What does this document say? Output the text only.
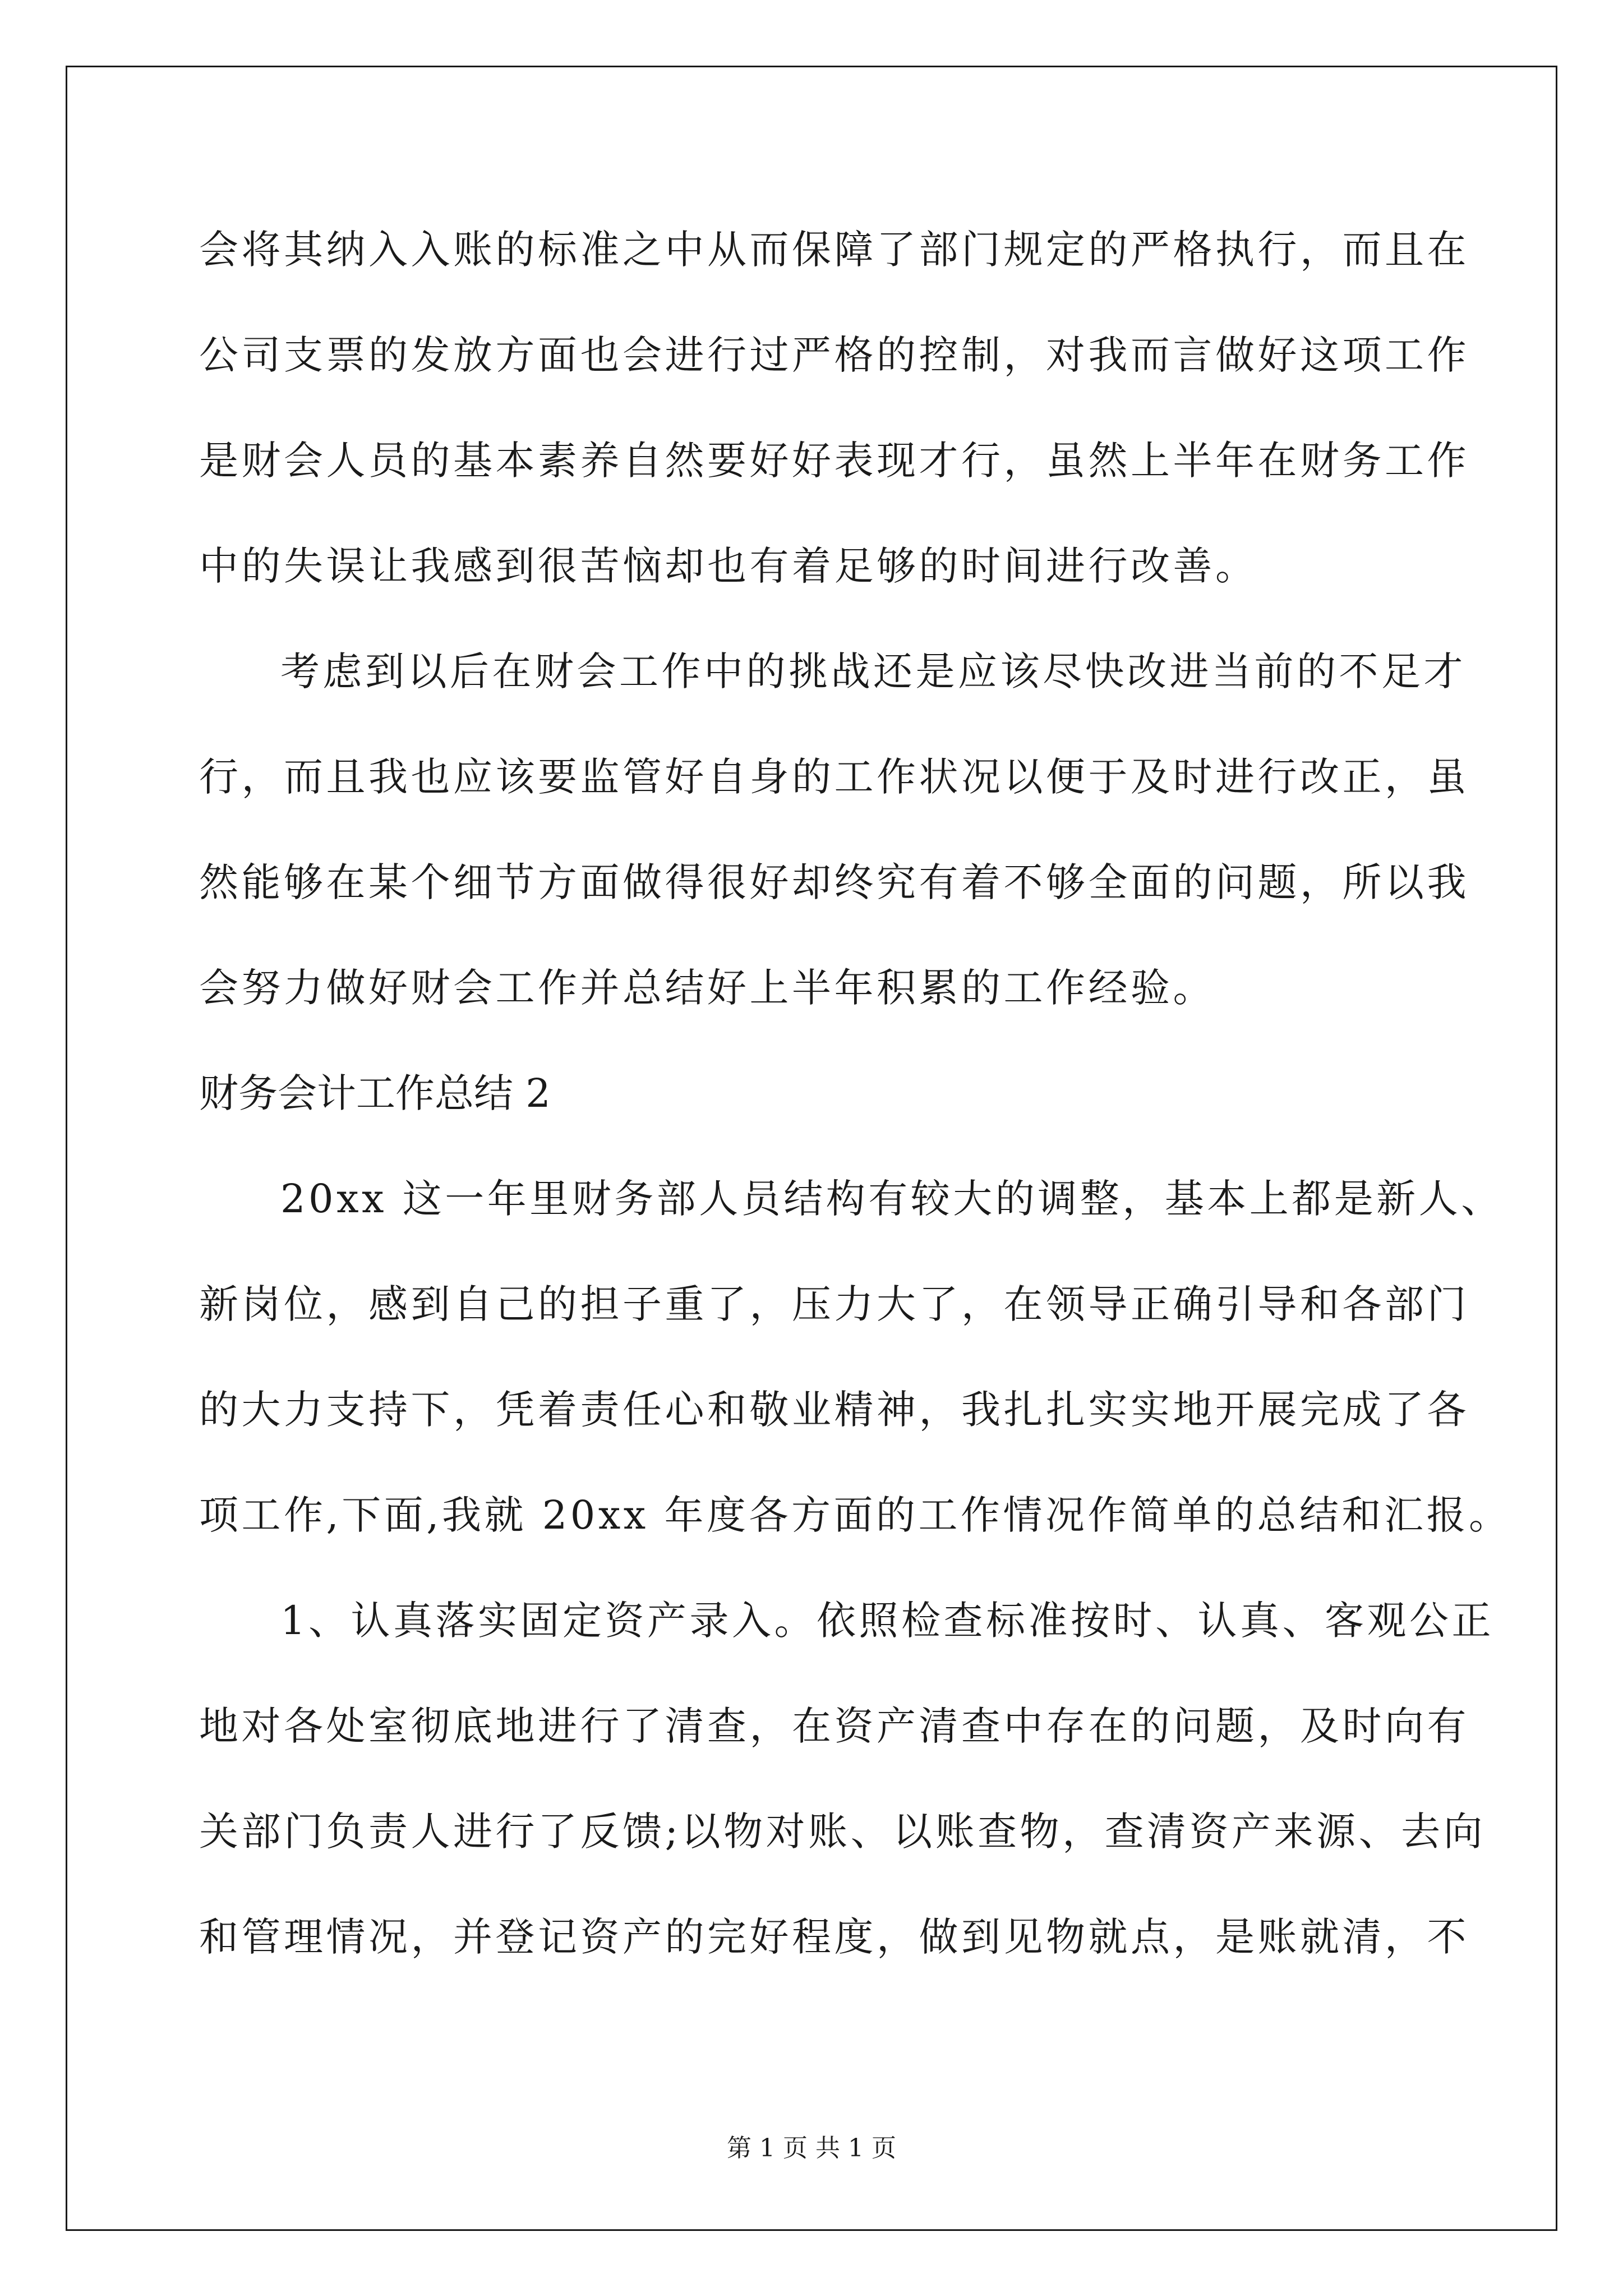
会将其纳入入账的标准之中从而保障了部门规定的严格执行，而且在

公司支票的发放方面也会进行过严格的控制，对我而言做好这项工作

是财会人员的基本素养自然要好好表现才行，虽然上半年在财务工作

中的失误让我感到很苦恼却也有着足够的时间进行改善。

考虑到以后在财会工作中的挑战还是应该尽快改进当前的不足才

行，而且我也应该要监管好自身的工作状况以便于及时进行改正，虽

然能够在某个细节方面做得很好却终究有着不够全面的问题，所以我

会努力做好财会工作并总结好上半年积累的工作经验。

财务会计工作总结 2

20xx 这一年里财务部人员结构有较大的调整，基本上都是新人、

新岗位，感到自己的担子重了，压力大了，在领导正确引导和各部门

的大力支持下，凭着责任心和敬业精神，我扎扎实实地开展完成了各

项工作,下面,我就 20xx 年度各方面的工作情况作简单的总结和汇报。

1、认真落实固定资产录入。依照检查标准按时、认真、客观公正

地对各处室彻底地进行了清查，在资产清查中存在的问题，及时向有

关部门负责人进行了反馈;以物对账、以账查物，查清资产来源、去向

和管理情况，并登记资产的完好程度，做到见物就点，是账就清，不

第 1 页 共 1 页
